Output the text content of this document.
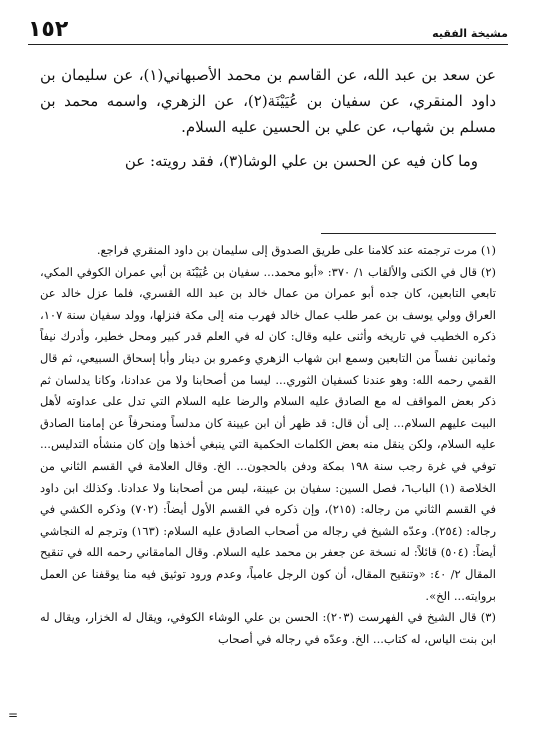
مشيخة الفقيه
١٥٢

عن سعد بن عبد الله، عن القاسم بن محمد الأصبهاني(١)، عن سليمان بن داود المنقري، عن سفيان بن عُيَيْنَة(٢)، عن الزهري، واسمه محمد بن مسلم بن شهاب، عن علي بن الحسين عليه السلام.

وما كان فيه عن الحسن بن علي الوشا(٣)، فقد رويته: عن

(١) مرت ترجمته عند كلامنا على طريق الصدوق إلى سليمان بن داود المنقري فراجع.

(٢) قال في الكنى والألقاب ١/ ٣٧٠: «أبو محمد... سفيان بن عُيَيْنَة بن أبي عمران الكوفي المكي، تابعي التابعين، كان جده أبو عمران من عمال خالد بن عبد الله القسري، فلما عزل خالد عن العراق وولي يوسف بن عمر طلب عمال خالد فهرب منه إلى مكة فنزلها، وولد سفيان سنة ١٠٧، ذكره الخطيب في تاريخه وأثنى عليه وقال: كان له في العلم قدر كبير ومحل خطير، وأدرك نيفاً وثمانين نفساً من التابعين وسمع ابن شهاب الزهري وعمرو بن دينار وأبا إسحاق السبيعي، ثم قال القمي رحمه الله: وهو عندنا كسفيان الثوري... ليسا من أصحابنا ولا من عدادنا، وكانا يدلسان ثم ذكر بعض المواقف له مع الصادق عليه السلام والرضا عليه السلام التي تدل على عداوته لأهل البيت عليهم السلام... إلى أن قال: قد ظهر أن ابن عيينة كان مدلساً ومنحرفاً عن إمامنا الصادق عليه السلام، ولكن ينقل منه بعض الكلمات الحكمية التي ينبغي أخذها وإن كان منشأه التدليس... توفي في غرة رجب سنة ١٩٨ بمكة ودفن بالحجون... الخ. وقال العلامة في القسم الثاني من الخلاصة (١) الباب٦، فصل السين: سفيان بن عيينة، ليس من أصحابنا ولا عدادنا. وكذلك ابن داود في القسم الثاني من رجاله: (٢١٥)، وإن ذكره في القسم الأول أيضاً: (٧٠٢) وذكره الكشي في رجاله: (٢٥٤). وعدّه الشيخ في رجاله من أصحاب الصادق عليه السلام: (١٦٣) وترجم له النجاشي أيضاً: (٥٠٤) قائلاً: له نسخة عن جعفر بن محمد عليه السلام. وقال المامقاني رحمه الله في تنقيح المقال ٢/ ٤٠: «وتنقيح المقال، أن كون الرجل عامياً، وعدم ورود توثيق فيه منا يوقفنا عن العمل بروايته... الخ».

(٣) قال الشيخ في الفهرست (٢٠٣): الحسن بن علي الوشاء الكوفي، ويقال له الخزار، ويقال له ابن بنت الياس، له كتاب... الخ. وعدّه في رجاله في أصحاب

=
